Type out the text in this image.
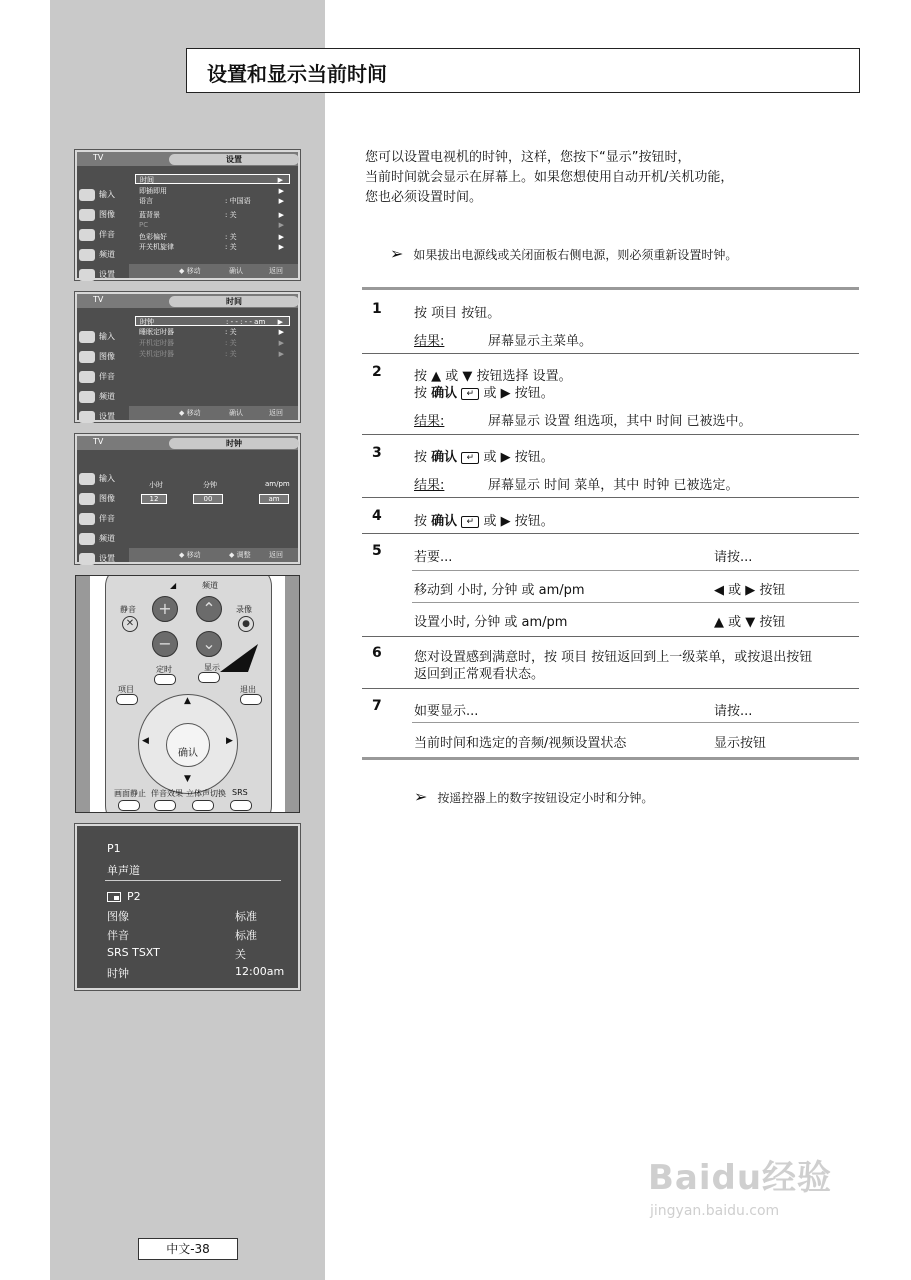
设置和显示当前时间
TV	设置
输入
图像
伴音
频道
设置
时间	▶
即插即用	▶
语言	: 中国语	▶
蓝背景	: 关	▶
PC	▶
色彩偏好	: 关	▶
开关机旋律	: 关	▶
◆ 移动	确认	返回
TV	时间
输入
图像
伴音
频道
设置
时钟	: - - : - - am ▶
睡眠定时器	: 关	▶
开机定时器	: 关	▶
关机定时器	: 关	▶
◆ 移动	确认	返回
TV	时钟
输入
图像
伴音
频道
设置
小时	分钟	am/pm
12	00	am
◆ 移动	◆ 调整	返回
◢	频道
静音	录像
✕	●
+	⌃
−	⌄
定时	显示
项目	退出
▲
▼
◀	▶
确认
画面静止 伴音效果 立体声切换 SRS
P1
单声道
P2
图像	标准
伴音	标准
SRS TSXT	关
时钟	12:00am
您可以设置电视机的时钟，这样，您按下“显示”按钮时，
当前时间就会显示在屏幕上。如果您想使用自动开机/关机功能，
您也必须设置时间。
➢ 如果拔出电源线或关闭面板右侧电源，则必须重新设置时钟。
1 按 项目 按钮。
结果:	屏幕显示主菜单。
2 按 ▲ 或 ▼ 按钮选择 设置。
按 确认 ↵ 或 ▶ 按钮。
结果:	屏幕显示 设置 组选项，其中 时间 已被选中。
3 按 确认 ↵ 或 ▶ 按钮。
结果:	屏幕显示 时间 菜单，其中 时钟 已被选定。
4 按 确认 ↵ 或 ▶ 按钮。
5 若要...	请按...
移动到 小时, 分钟 或 am/pm	◀ 或 ▶ 按钮
设置小时, 分钟 或 am/pm	▲ 或 ▼ 按钮
6 您对设置感到满意时，按 项目 按钮返回到上一级菜单，或按退出按钮
返回到正常观看状态。
7 如要显示...	请按...
当前时间和选定的音频/视频设置状态	显示按钮
➢ 按遥控器上的数字按钮设定小时和分钟。
中文-38
Baidu经验
jingyan.baidu.com
